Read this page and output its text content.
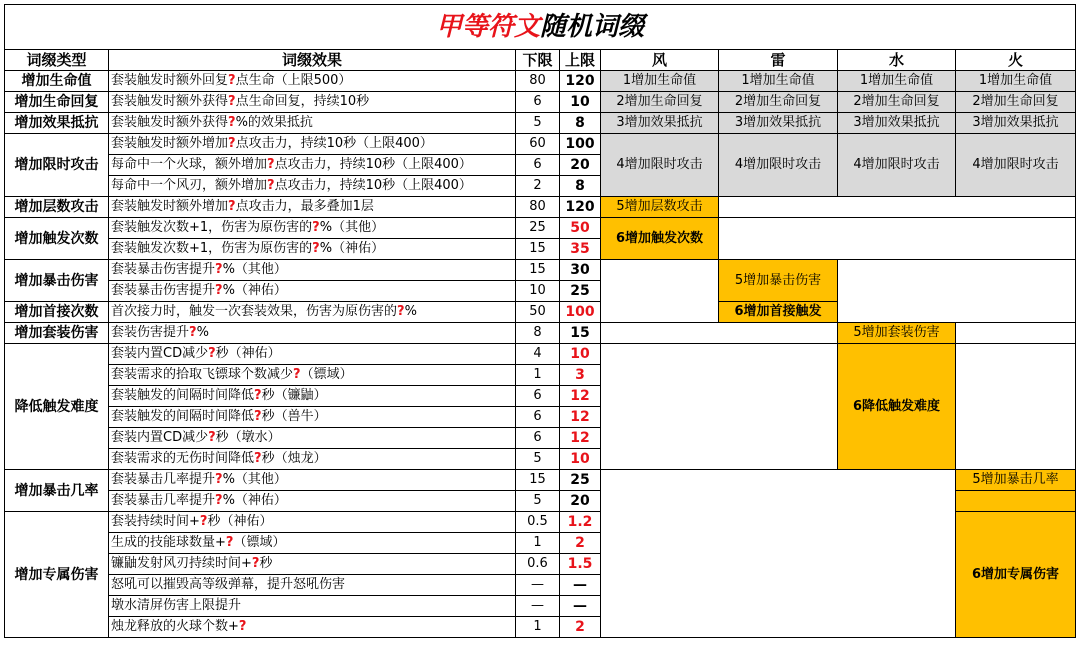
甲等符文随机词缀							
词缀类型	词缀效果	下限	上限	风	雷	水	火
增加生命值	套装触发时额外回复?点生命（上限500）	80	120	1增加生命值	1增加生命值	1增加生命值	1增加生命值
增加生命回复	套装触发时额外获得?点生命回复，持续10秒	6	10	2增加生命回复	2增加生命回复	2增加生命回复	2增加生命回复
增加效果抵抗	套装触发时额外获得?%的效果抵抗	5	8	3增加效果抵抗	3增加效果抵抗	3增加效果抵抗	3增加效果抵抗
增加限时攻击	套装触发时额外增加?点攻击力，持续10秒（上限400）	60	100	4增加限时攻击	4增加限时攻击	4增加限时攻击	4增加限时攻击
	每命中一个火球，额外增加?点攻击力，持续10秒（上限400）	6	20				
	每命中一个风刃，额外增加?点攻击力，持续10秒（上限400）	2	8				
增加层数攻击	套装触发时额外增加?点攻击力，最多叠加1层	80	120	5增加层数攻击			
增加触发次数	套装触发次数+1，伤害为原伤害的?%（其他）	25	50	6增加触发次数			
	套装触发次数+1，伤害为原伤害的?%（神佑）	15	35				
增加暴击伤害	套装暴击伤害提升?%（其他）	15	30		5增加暴击伤害		
	套装暴击伤害提升?%（神佑）	10	25				
增加首接次数	首次接力时，触发一次套装效果，伤害为原伤害的?%	50	100		6增加首接触发		
增加套装伤害	套装伤害提升?%	8	15			5增加套装伤害	
降低触发难度	套装内置CD减少?秒（神佑）	4	10			6降低触发难度	
	套装需求的拾取飞镖球个数减少?（镖域）	1	3				
	套装触发的间隔时间降低?秒（镰鼬）	6	12				
	套装触发的间隔时间降低?秒（兽牛）	6	12				
	套装内置CD减少?秒（墩水）	6	12				
	套装需求的无伤时间降低?秒（烛龙）	5	10				
增加暴击几率	套装暴击几率提升?%（其他）	15	25				5增加暴击几率
	套装暴击几率提升?%（神佑）	5	20				
增加专属伤害	套装持续时间+?秒（神佑）	0.5	1.2				6增加专属伤害
	生成的技能球数量+?（镖域）	1	2				
	镰鼬发射风刃持续时间+?秒	0.6	1.5				
	怒吼可以摧毁高等级弹幕，提升怒吼伤害	—	—				
	墩水清屏伤害上限提升	—	—				
	烛龙释放的火球个数+?	1	2				
